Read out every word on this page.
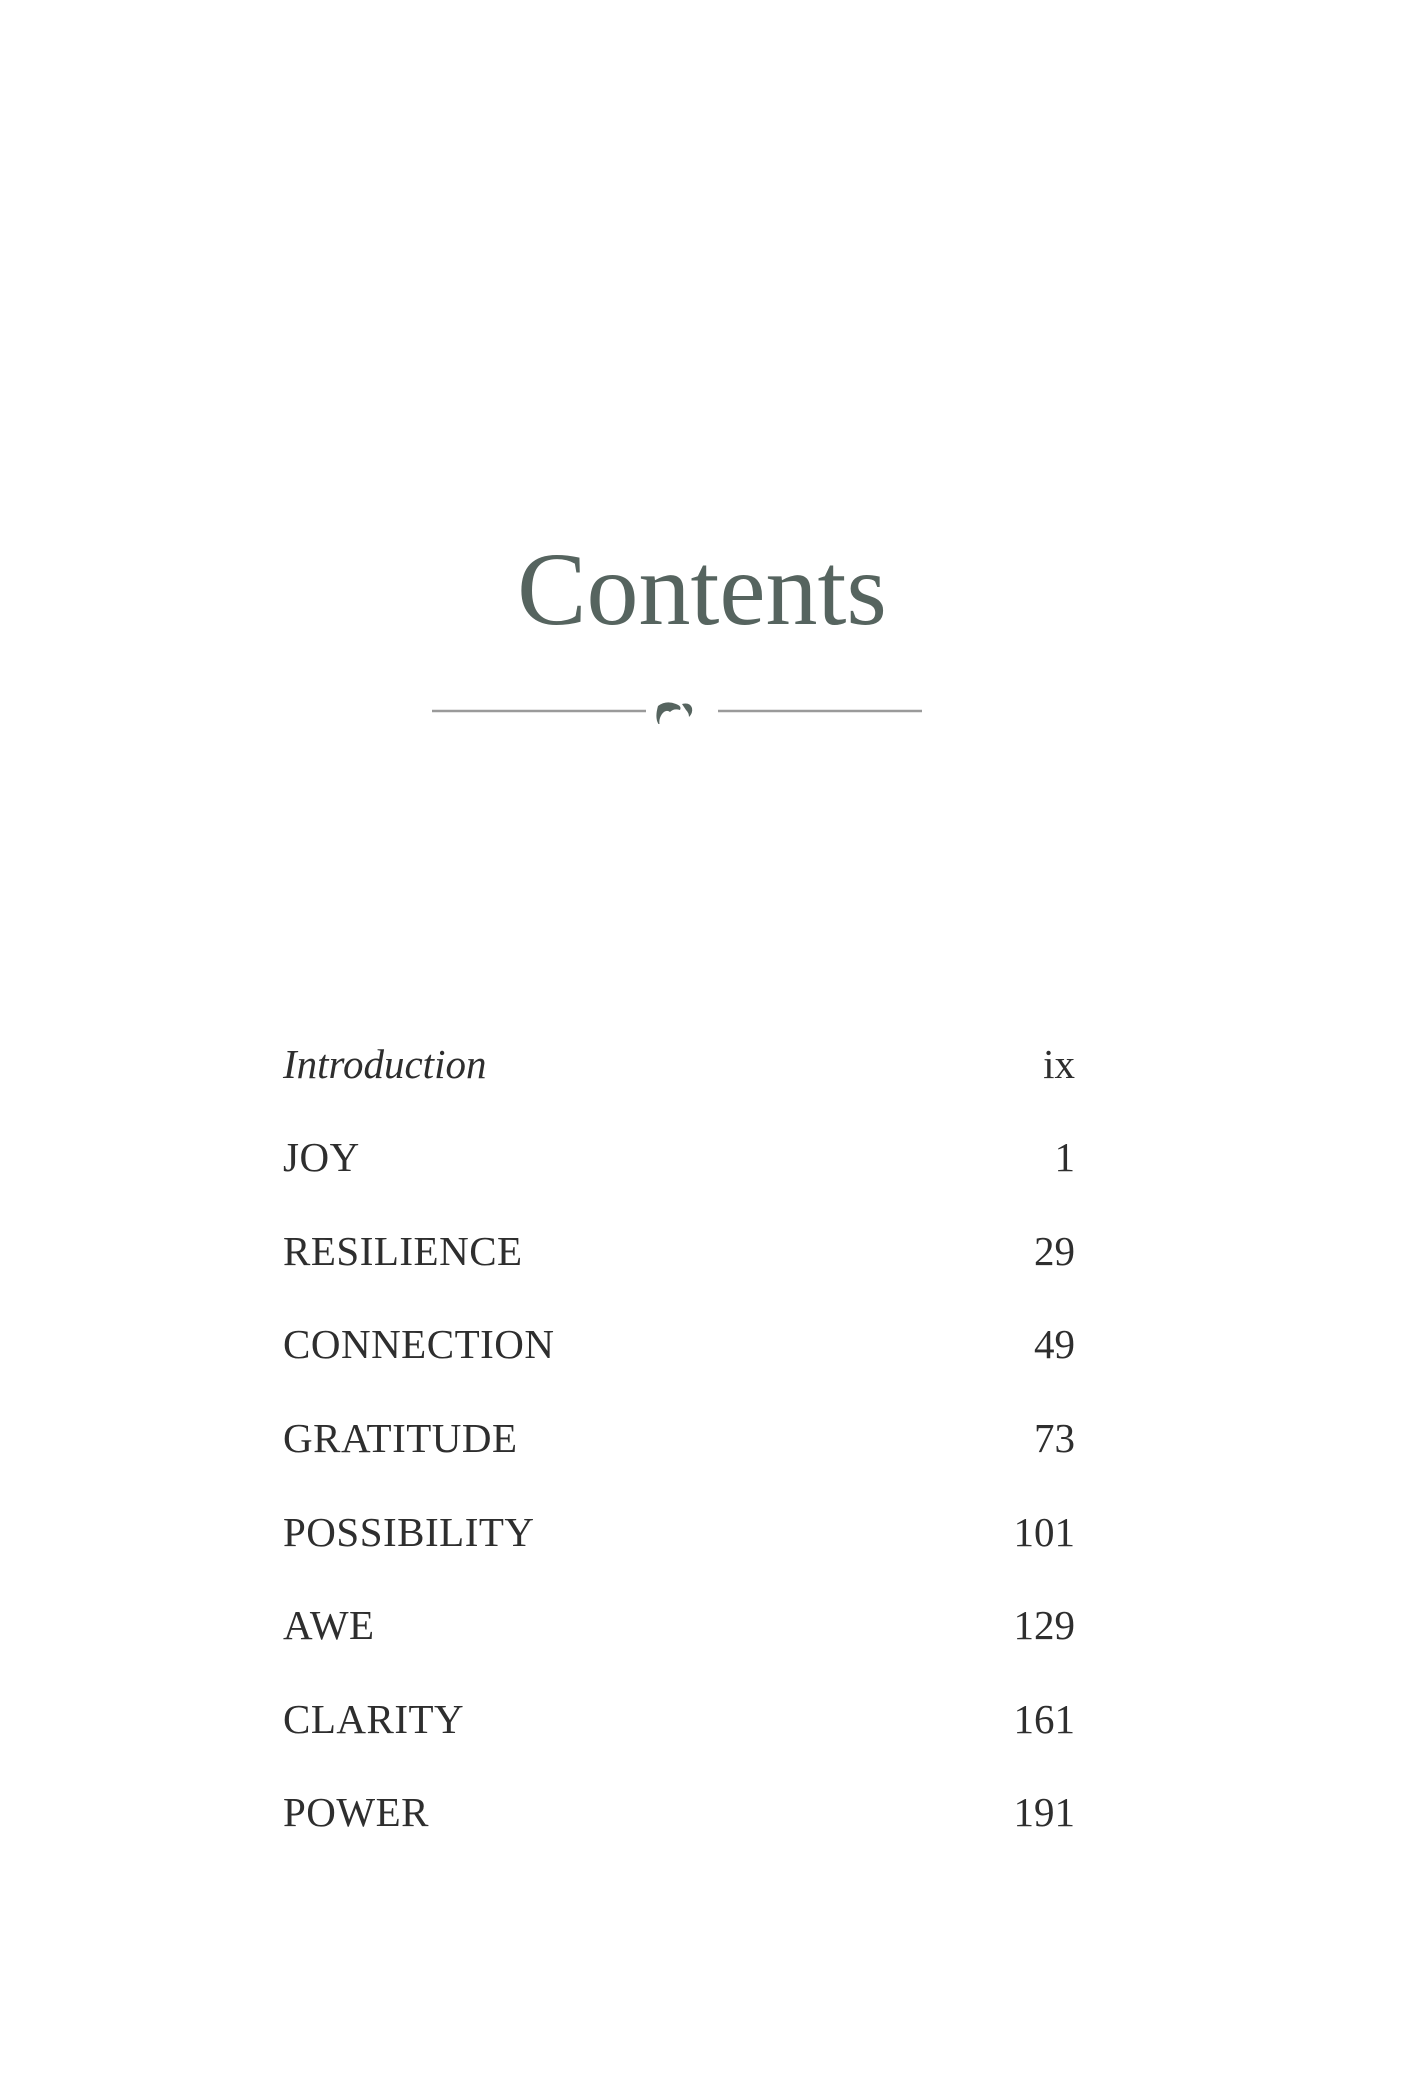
Contents
Introduction	ix
JOY	1
RESILIENCE	29
CONNECTION	49
GRATITUDE	73
POSSIBILITY	101
AWE	129
CLARITY	161
POWER	191
